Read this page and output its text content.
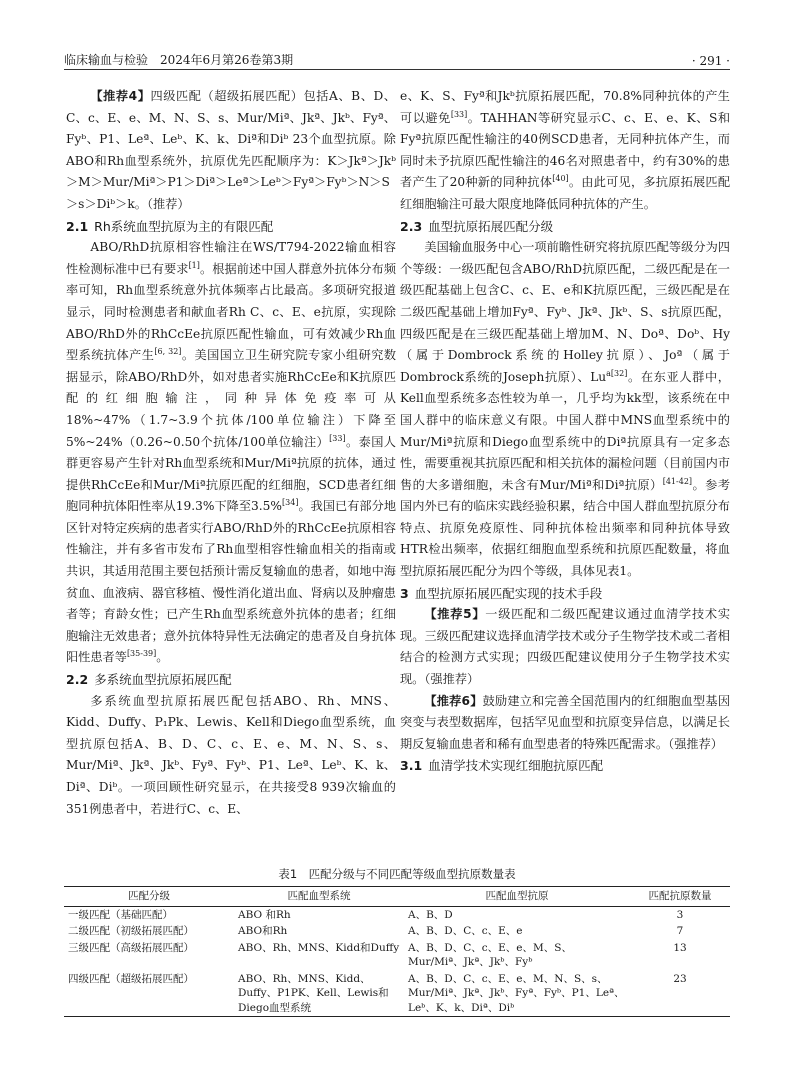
临床输血与检验　2024年6月第26卷第3期	· 291 ·

【推荐4】四级匹配（超级拓展匹配）包括A、B、D、C、c、E、e、M、N、S、s、Mur/Miª、Jkª、Jkᵇ、Fyª、Fyᵇ、P1、Leª、Leᵇ、K、k、Diª和Diᵇ 23个血型抗原。除ABO和Rh血型系统外，抗原优先匹配顺序为：K＞Jkª＞Jkᵇ＞M＞Mur/Miª＞P1＞Diª＞Leª＞Leᵇ＞Fyª＞Fyᵇ＞N＞S＞s＞Diᵇ＞k。（推荐）

2.1 Rh系统血型抗原为主的有限匹配

ABO/RhD抗原相容性输注在WS/T794-2022输血相容性检测标准中已有要求[1]。根据前述中国人群意外抗体分布频率可知，Rh血型系统意外抗体频率占比最高。多项研究报道显示，同时检测患者和献血者Rh C、c、E、e抗原，实现除ABO/RhD外的RhCcEe抗原匹配性输血，可有效减少Rh血型系统抗体产生[6, 32]。美国国立卫生研究院专家小组研究数据显示，除ABO/RhD外，如对患者实施RhCcEe和K抗原匹配的红细胞输注，同种异体免疫率可从18%~47%（1.7~3.9个抗体/100单位输注）下降至5%~24%（0.26~0.50个抗体/100单位输注）[33]。泰国人群更容易产生针对Rh血型系统和Mur/Miª抗原的抗体，通过提供RhCcEe和Mur/Miª抗原匹配的红细胞，SCD患者红细胞同种抗体阳性率从19.3%下降至3.5%[34]。我国已有部分地区针对特定疾病的患者实行ABO/RhD外的RhCcEe抗原相容性输注，并有多省市发布了Rh血型相容性输血相关的指南或共识，其适用范围主要包括预计需反复输血的患者，如地中海贫血、血液病、器官移植、慢性消化道出血、肾病以及肿瘤患者等；育龄女性；已产生Rh血型系统意外抗体的患者；红细胞输注无效患者；意外抗体特异性无法确定的患者及自身抗体阳性患者等[35-39]。

2.2 多系统血型抗原拓展匹配

多系统血型抗原拓展匹配包括ABO、Rh、MNS、Kidd、Duffy、P₁Pk、Lewis、Kell和Diego血型系统，血型抗原包括A、B、D、C、c、E、e、M、N、S、s、Mur/Miª、Jkª、Jkᵇ、Fyª、Fyᵇ、P1、Leª、Leᵇ、K、k、Diª、Diᵇ。一项回顾性研究显示，在共接受8 939次输血的351例患者中，若进行C、c、E、

e、K、S、Fyª和Jkᵇ抗原拓展匹配，70.8%同种抗体的产生可以避免[33]。TAHHAN等研究显示C、c、E、e、K、S和Fyª抗原匹配性输注的40例SCD患者，无同种抗体产生，而同时未予抗原匹配性输注的46名对照患者中，约有30%的患者产生了20种新的同种抗体[40]。由此可见，多抗原拓展匹配红细胞输注可最大限度地降低同种抗体的产生。

2.3 血型抗原拓展匹配分级

美国输血服务中心一项前瞻性研究将抗原匹配等级分为四个等级：一级匹配包含ABO/RhD抗原匹配，二级匹配是在一级匹配基础上包含C、c、E、e和K抗原匹配，三级匹配是在二级匹配基础上增加Fyª、Fyᵇ、Jkª、Jkᵇ、S、s抗原匹配，四级匹配是在三级匹配基础上增加M、N、Doª、Doᵇ、Hy（属于Dombrock系统的Holley抗原）、Joª（属于Dombrock系统的Joseph抗原）、$Lu^{a[32]}$。在东亚人群中，Kell血型系统多态性较为单一，几乎均为kk型，该系统在中国人群中的临床意义有限。中国人群中MNS血型系统中的Mur/Miª抗原和Diego血型系统中的Diª抗原具有一定多态性，需要重视其抗原匹配和相关抗体的漏检问题（目前国内市售的大多谱细胞，未含有Mur/Miª和Diª抗原）[41-42]。参考国内外已有的临床实践经验积累，结合中国人群血型抗原分布特点、抗原免疫原性、同种抗体检出频率和同种抗体导致HTR检出频率，依据红细胞血型系统和抗原匹配数量，将血型抗原拓展匹配分为四个等级，具体见表1。

3 血型抗原拓展匹配实现的技术手段

【推荐5】一级匹配和二级匹配建议通过血清学技术实现。三级匹配建议选择血清学技术或分子生物学技术或二者相结合的检测方式实现；四级匹配建议使用分子生物学技术实现。（强推荐）

【推荐6】鼓励建立和完善全国范围内的红细胞血型基因突变与表型数据库，包括罕见血型和抗原变异信息，以满足长期反复输血患者和稀有血型患者的特殊匹配需求。（强推荐）

3.1 血清学技术实现红细胞抗原匹配
表1　匹配分级与不同匹配等级血型抗原数量表
匹配分级	匹配血型系统	匹配血型抗原	匹配抗原数量
一级匹配（基础匹配）	ABO 和Rh	A、B、D	3
二级匹配（初级拓展匹配）	ABO和Rh	A、B、D、C、c、E、e	7
三级匹配（高级拓展匹配）	ABO、Rh、MNS、Kidd和Duffy	A、B、D、C、c、E、e、M、S、Mur/Miª、Jkª、Jkᵇ、Fyᵇ	13
四级匹配（超级拓展匹配）	ABO、Rh、MNS、Kidd、Duffy、P1PK、Kell、Lewis和Diego血型系统	A、B、D、C、c、E、e、M、N、S、s、Mur/Miª、Jkª、Jkᵇ、Fyª、Fyᵇ、P1、Leª、Leᵇ、K、k、Diª、Diᵇ	23
